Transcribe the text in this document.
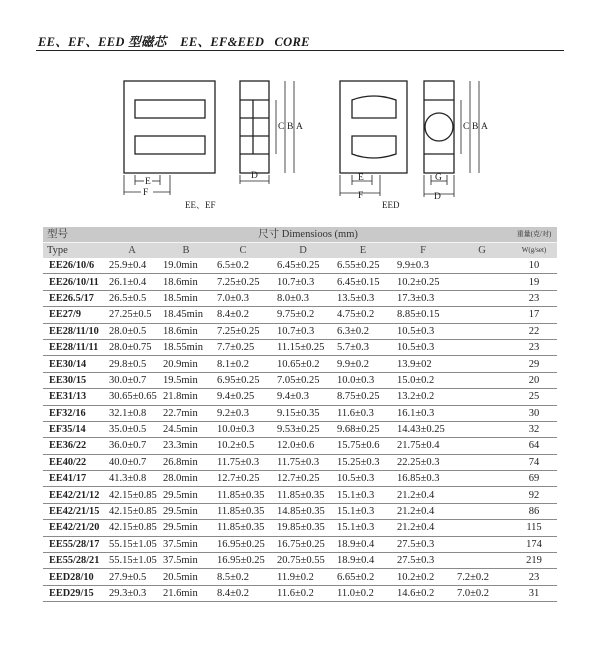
EE、EF、EED 型磁芯    EE、EF&EED   CORE
E
F
D
C B A
E
F
G
D
C B A
EE、EF	EED
型号	尺寸 Dimensioos (mm)							重量(克/对)
Type	A	B	C	D	E	F	G	W(g/set)
EE26/10/6	25.9±0.4	19.0min	6.5±0.2	6.45±0.25	6.55±0.25	9.9±0.3		10
EE26/10/11	26.1±0.4	18.6min	7.25±0.25	10.7±0.3	6.45±0.15	10.2±0.25		19
EE26.5/17	26.5±0.5	18.5min	7.0±0.3	8.0±0.3	13.5±0.3	17.3±0.3		23
EE27/9	27.25±0.5	18.45min	8.4±0.2	9.75±0.2	4.75±0.2	8.85±0.15		17
EE28/11/10	28.0±0.5	18.6min	7.25±0.25	10.7±0.3	6.3±0.2	10.5±0.3		22
EE28/11/11	28.0±0.75	18.55min	7.7±0.25	11.15±0.25	5.7±0.3	10.5±0.3		23
EE30/14	29.8±0.5	20.9min	8.1±0.2	10.65±0.2	9.9±0.2	13.9±02		29
EE30/15	30.0±0.7	19.5min	6.95±0.25	7.05±0.25	10.0±0.3	15.0±0.2		20
EE31/13	30.65±0.65	21.8min	9.4±0.25	9.4±0.3	8.75±0.25	13.2±0.2		25
EF32/16	32.1±0.8	22.7min	9.2±0.3	9.15±0.35	11.6±0.3	16.1±0.3		30
EF35/14	35.0±0.5	24.5min	10.0±0.3	9.53±0.25	9.68±0.25	14.43±0.25		32
EE36/22	36.0±0.7	23.3min	10.2±0.5	12.0±0.6	15.75±0.6	21.75±0.4		64
EE40/22	40.0±0.7	26.8min	11.75±0.3	11.75±0.3	15.25±0.3	22.25±0.3		74
EE41/17	41.3±0.8	28.0min	12.7±0.25	12.7±0.25	10.5±0.3	16.85±0.3		69
EE42/21/12	42.15±0.85	29.5min	11.85±0.35	11.85±0.35	15.1±0.3	21.2±0.4		92
EE42/21/15	42.15±0.85	29.5min	11.85±0.35	14.85±0.35	15.1±0.3	21.2±0.4		86
EE42/21/20	42.15±0.85	29.5min	11.85±0.35	19.85±0.35	15.1±0.3	21.2±0.4		115
EE55/28/17	55.15±1.05	37.5min	16.95±0.25	16.75±0.25	18.9±0.4	27.5±0.3		174
EE55/28/21	55.15±1.05	37.5min	16.95±0.25	20.75±0.55	18.9±0.4	27.5±0.3		219
EED28/10	27.9±0.5	20.5min	8.5±0.2	11.9±0.2	6.65±0.2	10.2±0.2	7.2±0.2	23
EED29/15	29.3±0.3	21.6min	8.4±0.2	11.6±0.2	11.0±0.2	14.6±0.2	7.0±0.2	31
